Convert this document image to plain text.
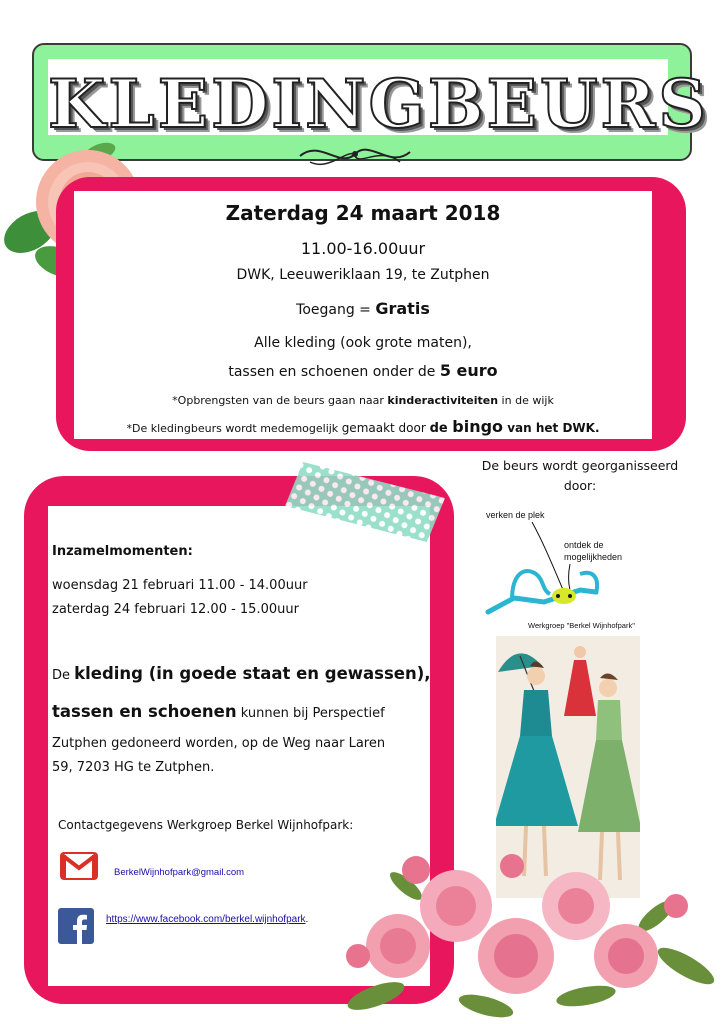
KLEDINGBEURS
Zaterdag 24 maart 2018
11.00-16.00uur
DWK, Leeuweriklaan 19, te Zutphen
Toegang = Gratis
Alle kleding (ook grote maten),
tassen en schoenen onder de 5 euro
*Opbrengsten van de beurs gaan naar kinderactiviteiten in de wijk
*De kledingbeurs wordt medemogelijk gemaakt door de bingo van het DWK.
Inzamelmomenten:
woensdag 21 februari 11.00 - 14.00uur
zaterdag 24 februari 12.00 - 15.00uur
De kleding (in goede staat en gewassen),
tassen en schoenen kunnen bij Perspectief
Zutphen gedoneerd worden, op de Weg naar Laren
59, 7203 HG te Zutphen.
Contactgegevens Werkgroep Berkel Wijnhofpark:
BerkelWijnhofpark@gmail.com
https://www.facebook.com/berkel.wijnhofpark.
De beurs wordt georganisseerd
door:
verken de plek
ontdek de
mogelijkheden
Werkgroep "Berkel Wijnhofpark"
